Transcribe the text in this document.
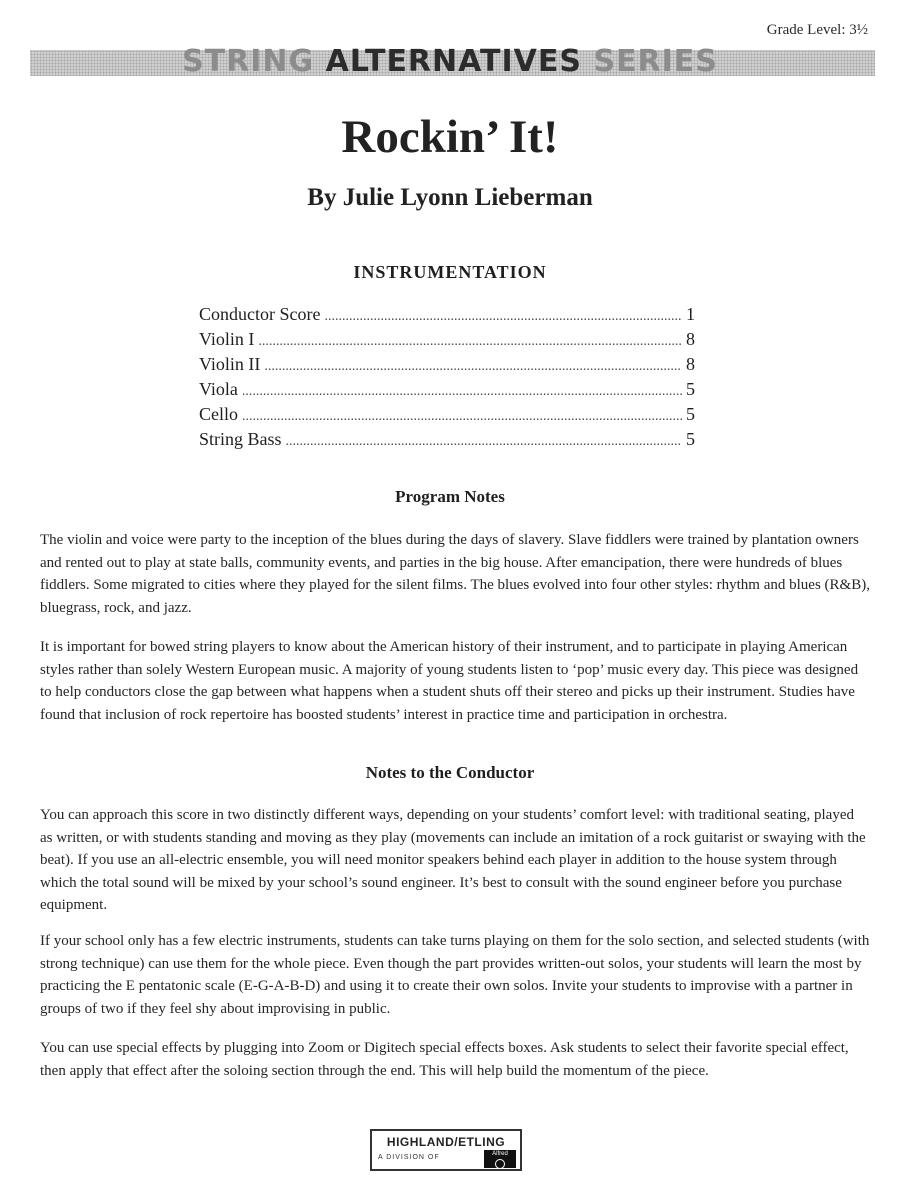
Grade Level: 3½
STRING ALTERNATIVES SERIES
Rockin’ It!
By Julie Lyonn Lieberman
INSTRUMENTATION
Conductor Score .....	1
Violin I .....	8
Violin II .....	8
Viola .....	5
Cello .....	5
String Bass .....	5
Program Notes

The violin and voice were party to the inception of the blues during the days of slavery. Slave fiddlers were trained by plantation owners and rented out to play at state balls, community events, and parties in the big house. After emancipation, there were hundreds of blues fiddlers. Some migrated to cities where they played for the silent films. The blues evolved into four other styles: rhythm and blues (R&B), bluegrass, rock, and jazz.

It is important for bowed string players to know about the American history of their instrument, and to participate in playing American styles rather than solely Western European music. A majority of young students listen to ‘pop’ music every day. This piece was designed to help conductors close the gap between what happens when a student shuts off their stereo and picks up their instrument. Studies have found that inclusion of rock repertoire has boosted students’ interest in practice time and participation in orchestra.

Notes to the Conductor

You can approach this score in two distinctly different ways, depending on your students’ comfort level: with traditional seating, played as written, or with students standing and moving as they play (movements can include an imitation of a rock guitarist or swaying with the beat). If you use an all-electric ensemble, you will need monitor speakers behind each player in addition to the house system through which the total sound will be mixed by your school’s sound engineer. It’s best to consult with the sound engineer before you purchase equipment.

If your school only has a few electric instruments, students can take turns playing on them for the solo section, and selected students (with strong technique) can use them for the whole piece. Even though the part provides written-out solos, your students will learn the most by practicing the E pentatonic scale (E-G-A-B-D) and using it to create their own solos. Invite your students to improvise with a partner in groups of two if they feel shy about improvising in public.

You can use special effects by plugging into Zoom or Digitech special effects boxes. Ask students to select their favorite special effect, then apply that effect after the soloing section through the end. This will help build the momentum of the piece.

HIGHLAND/ETLING
A DIVISION OF	Alfred
